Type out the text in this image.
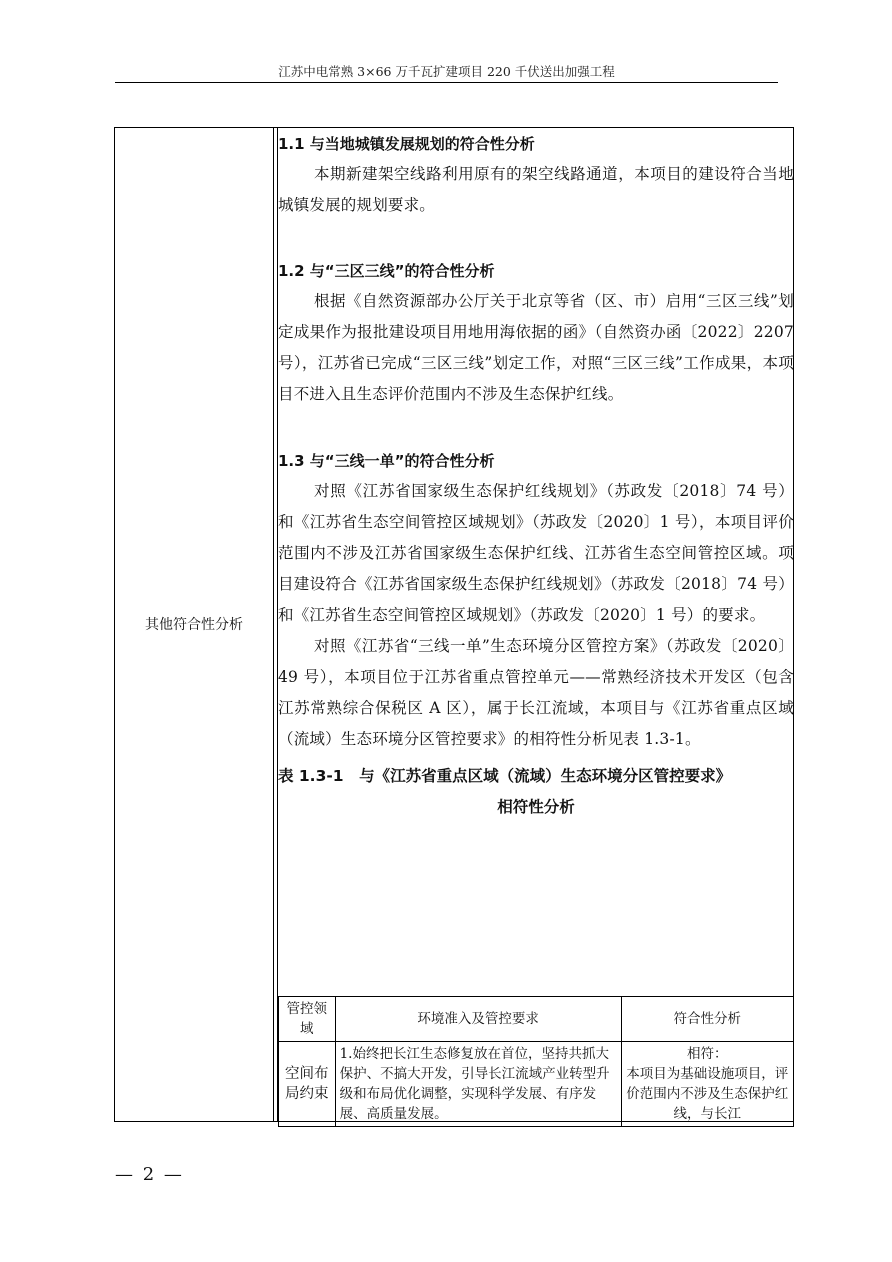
江苏中电常熟 3×66 万千瓦扩建项目 220 千伏送出加强工程
其他符合性分析

1.1 与当地城镇发展规划的符合性分析

本期新建架空线路利用原有的架空线路通道，本项目的建设符合当地城镇发展的规划要求。

1.2 与“三区三线”的符合性分析

根据《自然资源部办公厅关于北京等省（区、市）启用“三区三线”划定成果作为报批建设项目用地用海依据的函》（自然资办函〔2022〕2207 号），江苏省已完成“三区三线”划定工作，对照“三区三线”工作成果，本项目不进入且生态评价范围内不涉及生态保护红线。

1.3 与“三线一单”的符合性分析

对照《江苏省国家级生态保护红线规划》（苏政发〔2018〕74 号）和《江苏省生态空间管控区域规划》（苏政发〔2020〕1 号），本项目评价范围内不涉及江苏省国家级生态保护红线、江苏省生态空间管控区域。项目建设符合《江苏省国家级生态保护红线规划》（苏政发〔2018〕74 号）和《江苏省生态空间管控区域规划》（苏政发〔2020〕1 号）的要求。

对照《江苏省“三线一单”生态环境分区管控方案》（苏政发〔2020〕49 号），本项目位于江苏省重点管控单元——常熟经济技术开发区（包含江苏常熟综合保税区 A 区），属于长江流域，本项目与《江苏省重点区域（流域）生态环境分区管控要求》的相符性分析见表 1.3-1。

表 1.3-1　与《江苏省重点区域（流域）生态环境分区管控要求》

相符性分析

管控领域	环境准入及管控要求	符合性分析
空间布局约束	1.始终把长江生态修复放在首位，坚持共抓大保护、不搞大开发，引导长江流域产业转型升级和布局优化调整，实现科学发展、有序发展、高质量发展。	相符：
本项目为基础设施项目，评价范围内不涉及生态保护红线，与长江
— 2 —
